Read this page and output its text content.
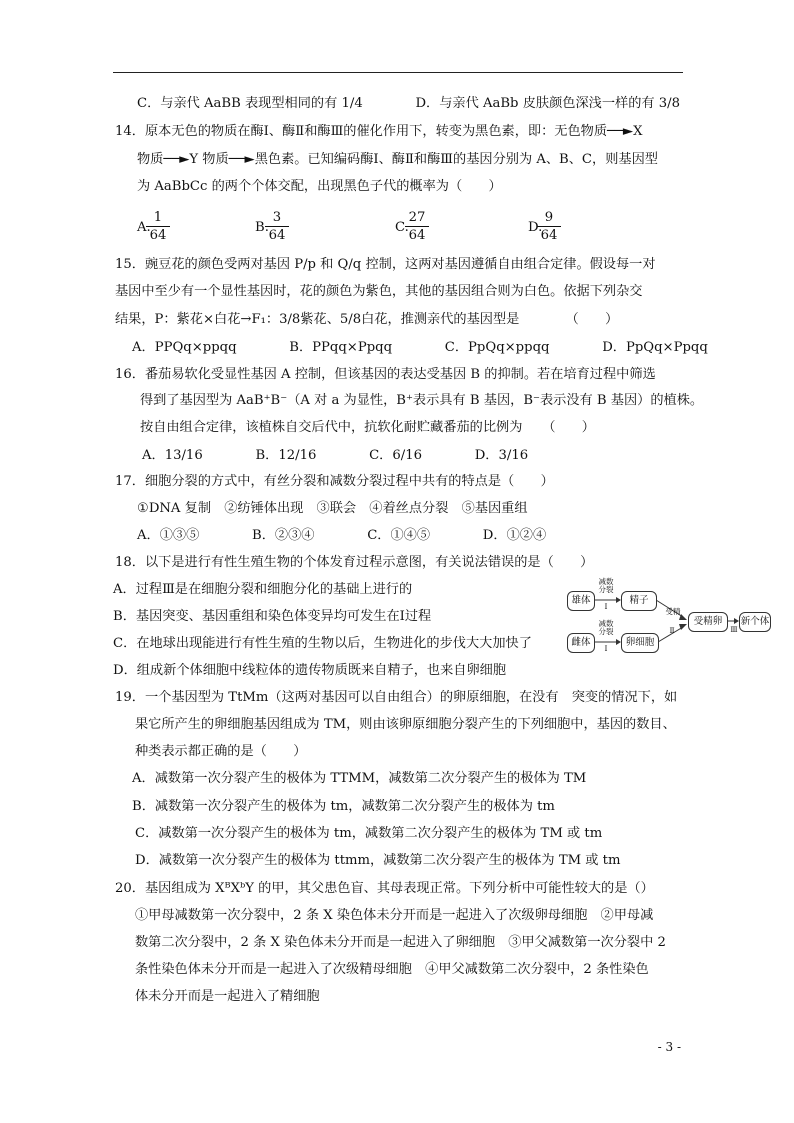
C．与亲代 AaBB 表现型相同的有 1/4　　　　D．与亲代 AaBb 皮肤颜色深浅一样的有 3/8
14．原本无色的物质在酶Ⅰ、酶Ⅱ和酶Ⅲ的催化作用下，转变为黑色素，即：无色物质──►X
物质──►Y 物质──►黑色素。已知编码酶Ⅰ、酶Ⅱ和酶Ⅲ的基因分别为 A、B、C，则基因型
为 AaBbCc 的两个个体交配，出现黑色子代的概率为（　　）
A.
$\frac{1}{64}$	B.
$\frac{3}{64}$	C.
$\frac{27}{64}$	D.
$\frac{9}{64}$
15．豌豆花的颜色受两对基因 P/p 和 Q/q 控制，这两对基因遵循自由组合定律。假设每一对
基因中至少有一个显性基因时，花的颜色为紫色，其他的基因组合则为白色。依据下列杂交
结果，P：紫花×白花→F₁：3/8紫花、5/8白花，推测亲代的基因型是　　　　（　　）
A．PPQq×ppqq　　　　B．PPqq×Ppqq　　　　C．PpQq×ppqq　　　　D．PpQq×Ppqq
16．番茄易软化受显性基因 A 控制，但该基因的表达受基因 B 的抑制。若在培育过程中筛选
得到了基因型为 AaB⁺B⁻（A 对 a 为显性，B⁺表示具有 B 基因，B⁻表示没有 B 基因）的植株。
按自由组合定律，该植株自交后代中，抗软化耐贮藏番茄的比例为　　（　　）
A．13/16　　　　B．12/16　　　　C．6/16　　　　D．3/16
17．细胞分裂的方式中，有丝分裂和减数分裂过程中共有的特点是（　　）
①DNA 复制　②纺锤体出现　③联会　④着丝点分裂　⑤基因重组
A．①③⑤　　　　B．②③④　　　　C．①④⑤　　　　D．①②④
18．以下是进行有性生殖生物的个体发育过程示意图，有关说法错误的是（　　）
A．过程Ⅲ是在细胞分裂和细胞分化的基础上进行的
B．基因突变、基因重组和染色体变异均可发生在Ⅰ过程
C．在地球出现能进行有性生殖的生物以后，生物进化的步伐大大加快了
D．组成新个体细胞中线粒体的遗传物质既来自精子，也来自卵细胞
雄体
雌体
精子
卵细胞
受精卵	新个体
减数
分裂
Ⅰ
减数
分裂
Ⅰ
受精
Ⅱ	Ⅲ
19．一个基因型为 TtMm（这两对基因可以自由组合）的卵原细胞，在没有　突变的情况下，如
果它所产生的卵细胞基因组成为 TM，则由该卵原细胞分裂产生的下列细胞中，基因的数目、
种类表示都正确的是（　　）
A．减数第一次分裂产生的极体为 TTMM，减数第二次分裂产生的极体为 TM
B．减数第一次分裂产生的极体为 tm，减数第二次分裂产生的极体为 tm
C．减数第一次分裂产生的极体为 tm，减数第二次分裂产生的极体为 TM 或 tm
D．减数第一次分裂产生的极体为 ttmm，减数第二次分裂产生的极体为 TM 或 tm
20．基因组成为 XᴮXᵇY 的甲，其父患色盲、其母表现正常。下列分析中可能性较大的是（）
①甲母减数第一次分裂中，2 条 X 染色体未分开而是一起进入了次级卵母细胞　②甲母减
数第二次分裂中，2 条 X 染色体未分开而是一起进入了卵细胞　③甲父减数第一次分裂中 2
条性染色体未分开而是一起进入了次级精母细胞　④甲父减数第二次分裂中，2 条性染色
体未分开而是一起进入了精细胞
- 3 -
